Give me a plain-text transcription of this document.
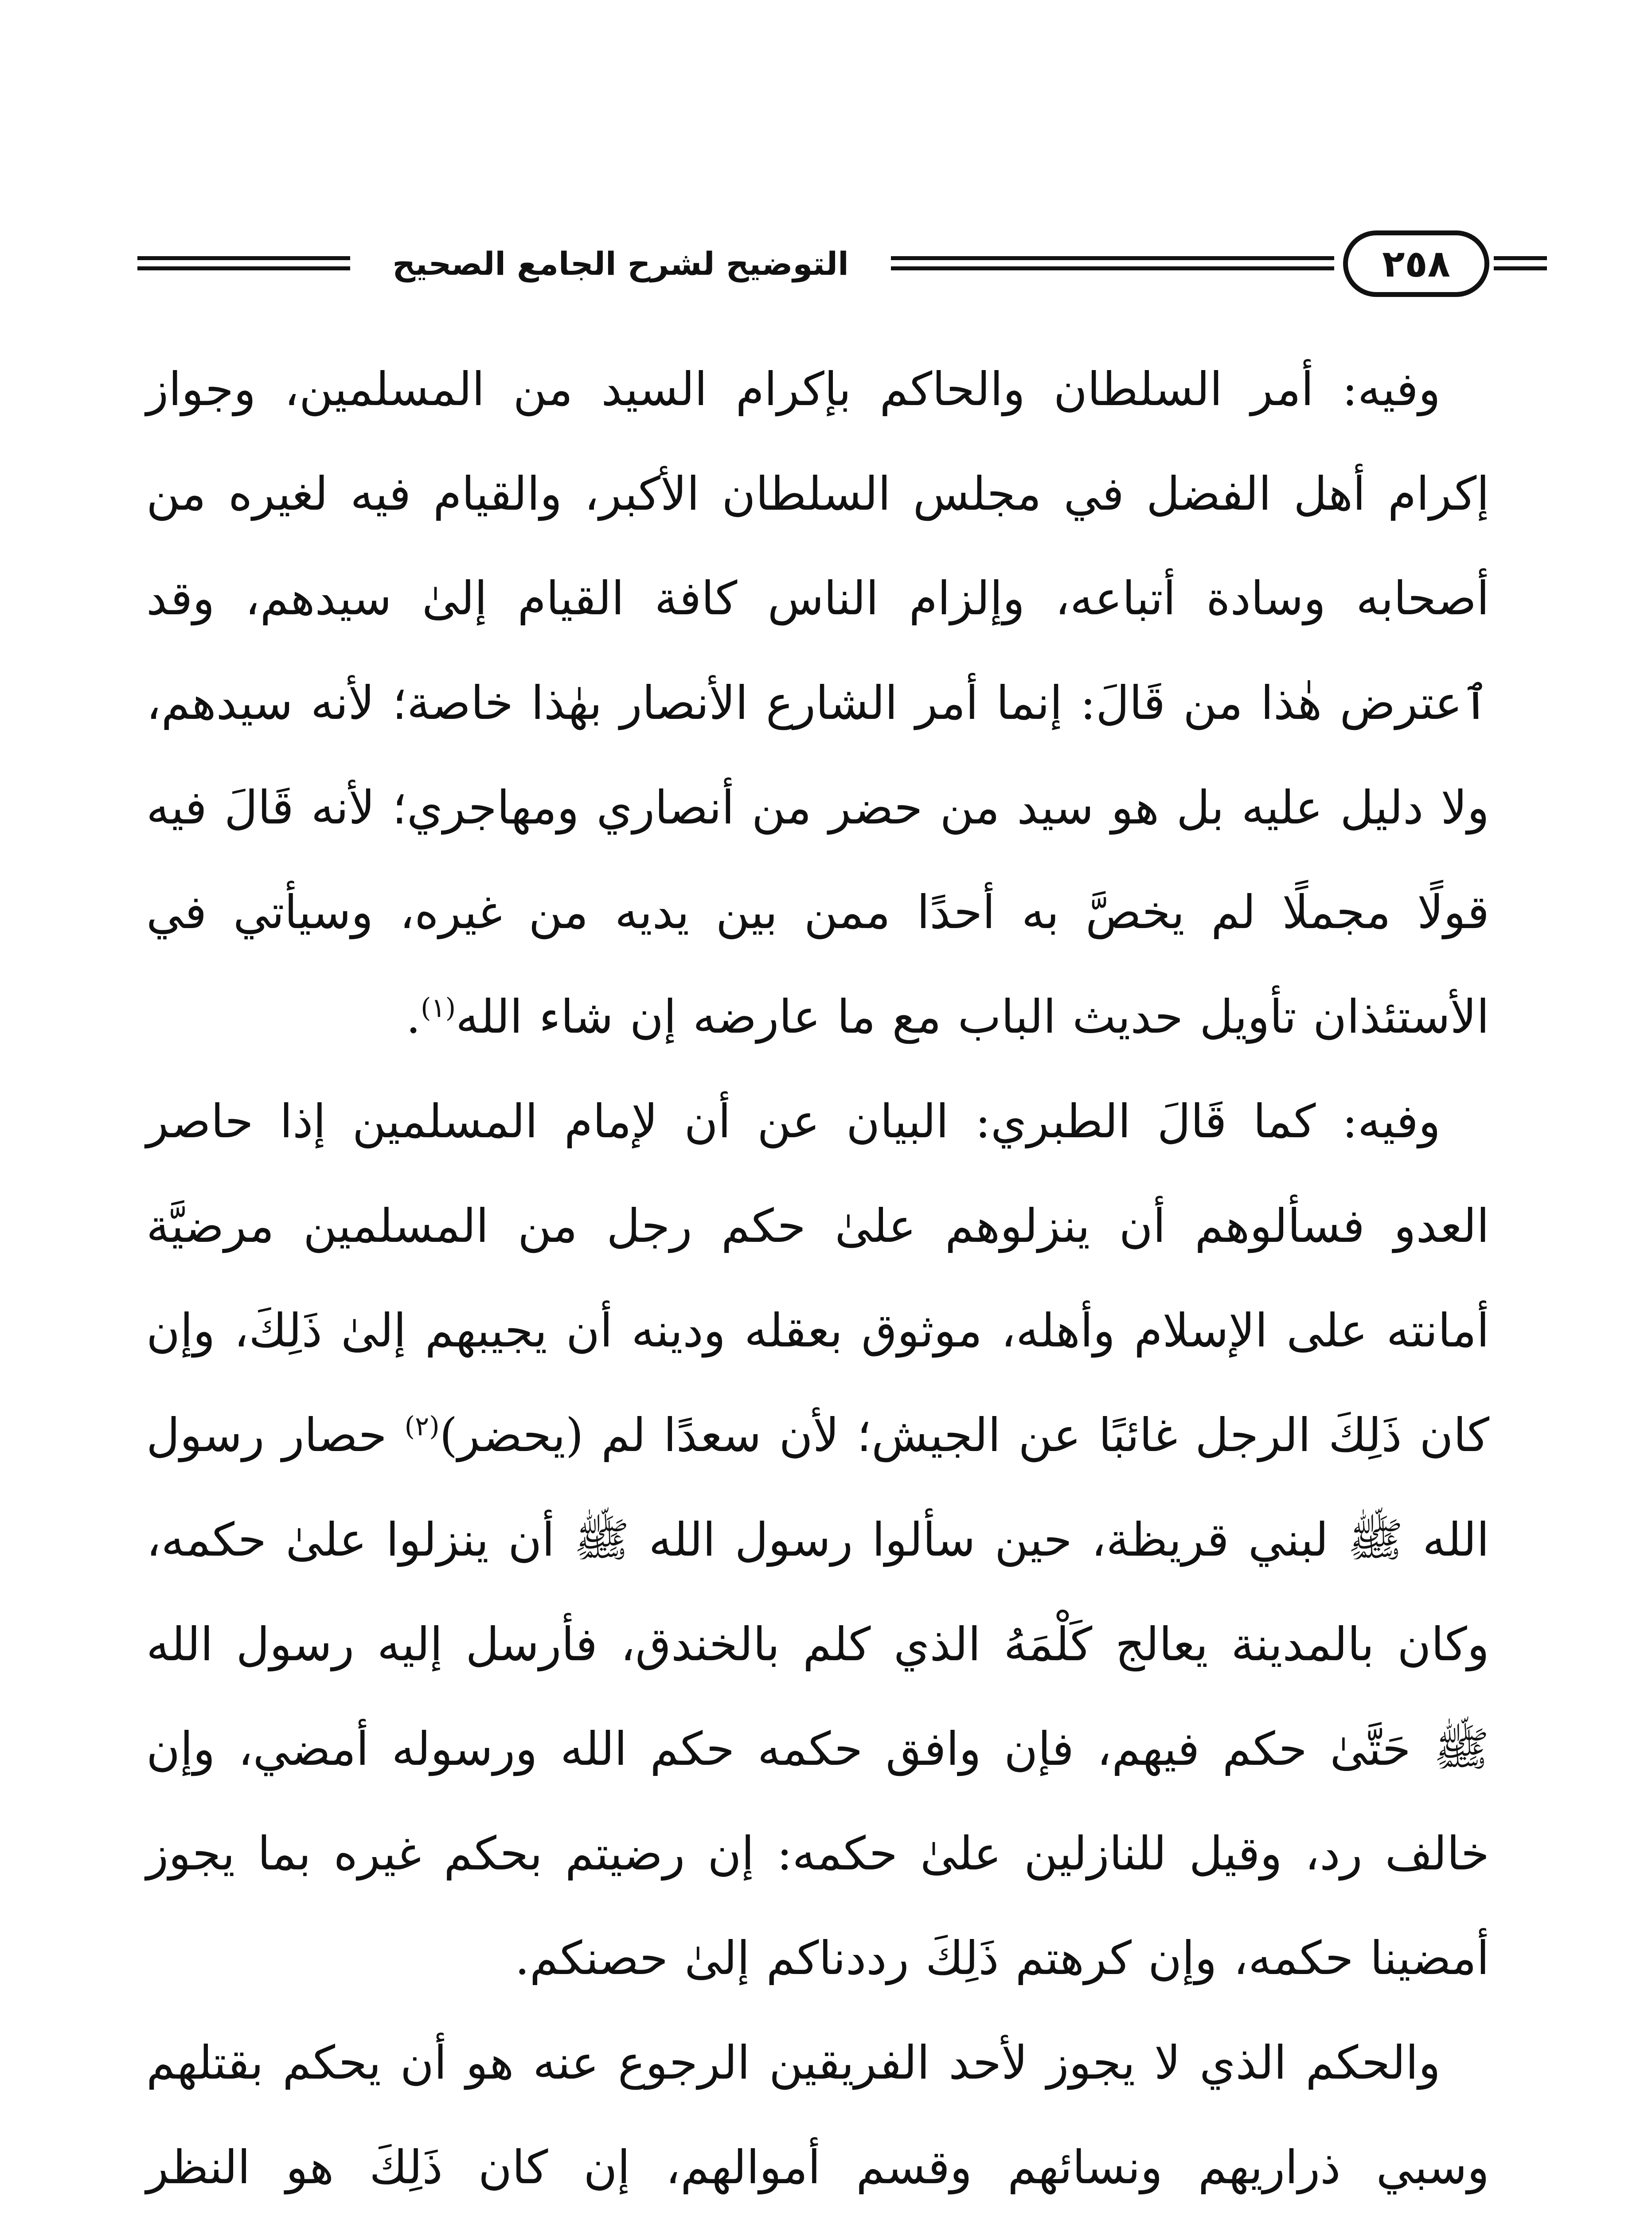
التوضيح لشرح الجامع الصحيح	٢٥٨

وفيه: أمر السلطان والحاكم بإكرام السيد من المسلمين، وجواز إكرام أهل الفضل في مجلس السلطان الأكبر، والقيام فيه لغيره من أصحابه وسادة أتباعه، وإلزام الناس كافة القيام إلىٰ سيدهم، وقد ٱعترض هٰذا من قَالَ: إنما أمر الشارع الأنصار بهٰذا خاصة؛ لأنه سيدهم، ولا دليل عليه بل هو سيد من حضر من أنصاري ومهاجري؛ لأنه قَالَ فيه قولًا مجملًا لم يخصَّ به أحدًا ممن بين يديه من غيره، وسيأتي في الأستئذان تأويل حديث الباب مع ما عارضه إن شاء الله$^{(١)}$.

وفيه: كما قَالَ الطبري: البيان عن أن لإمام المسلمين إذا حاصر العدو فسألوهم أن ينزلوهم علىٰ حكم رجل من المسلمين مرضيَّة أمانته على الإسلام وأهله، موثوق بعقله ودينه أن يجيبهم إلىٰ ذَلِكَ، وإن كان ذَلِكَ الرجل غائبًا عن الجيش؛ لأن سعدًا لم (يحضر)$^{(٢)}$ حصار رسول الله ﷺ لبني قريظة، حين سألوا رسول الله ﷺ أن ينزلوا علىٰ حكمه، وكان بالمدينة يعالج كَلْمَهُ الذي كلم بالخندق، فأرسل إليه رسول الله ﷺ حَتَّىٰ حكم فيهم، فإن وافق حكمه حكم الله ورسوله أمضي، وإن خالف رد، وقيل للنازلين علىٰ حكمه: إن رضيتم بحكم غيره بما يجوز أمضينا حكمه، وإن كرهتم ذَلِكَ رددناكم إلىٰ حصنكم.

والحكم الذي لا يجوز لأحد الفريقين الرجوع عنه هو أن يحكم بقتلهم وسبي ذراريهم ونسائهم وقسم أموالهم، إن كان ذَلِكَ هو النظر
